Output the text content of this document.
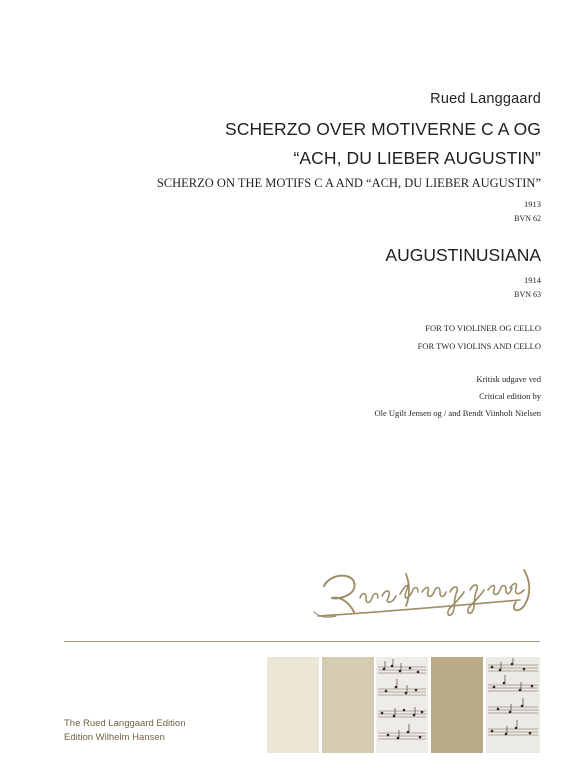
Rued Langgaard
SCHERZO OVER MOTIVERNE C A OG
“ACH, DU LIEBER AUGUSTIN”
SCHERZO ON THE MOTIFS C A AND “ACH, DU LIEBER AUGUSTIN”
1913
BVN 62
AUGUSTINUSIANA
1914
BVN 63
FOR TO VIOLINER OG CELLO
FOR TWO VIOLINS AND CELLO
Kritisk udgave ved
Critical edition by
Ole Ugilt Jensen og / and Bendt Viinholt Nielsen
The Rued Langgaard Edition
Edition Wilhelm Hansen
